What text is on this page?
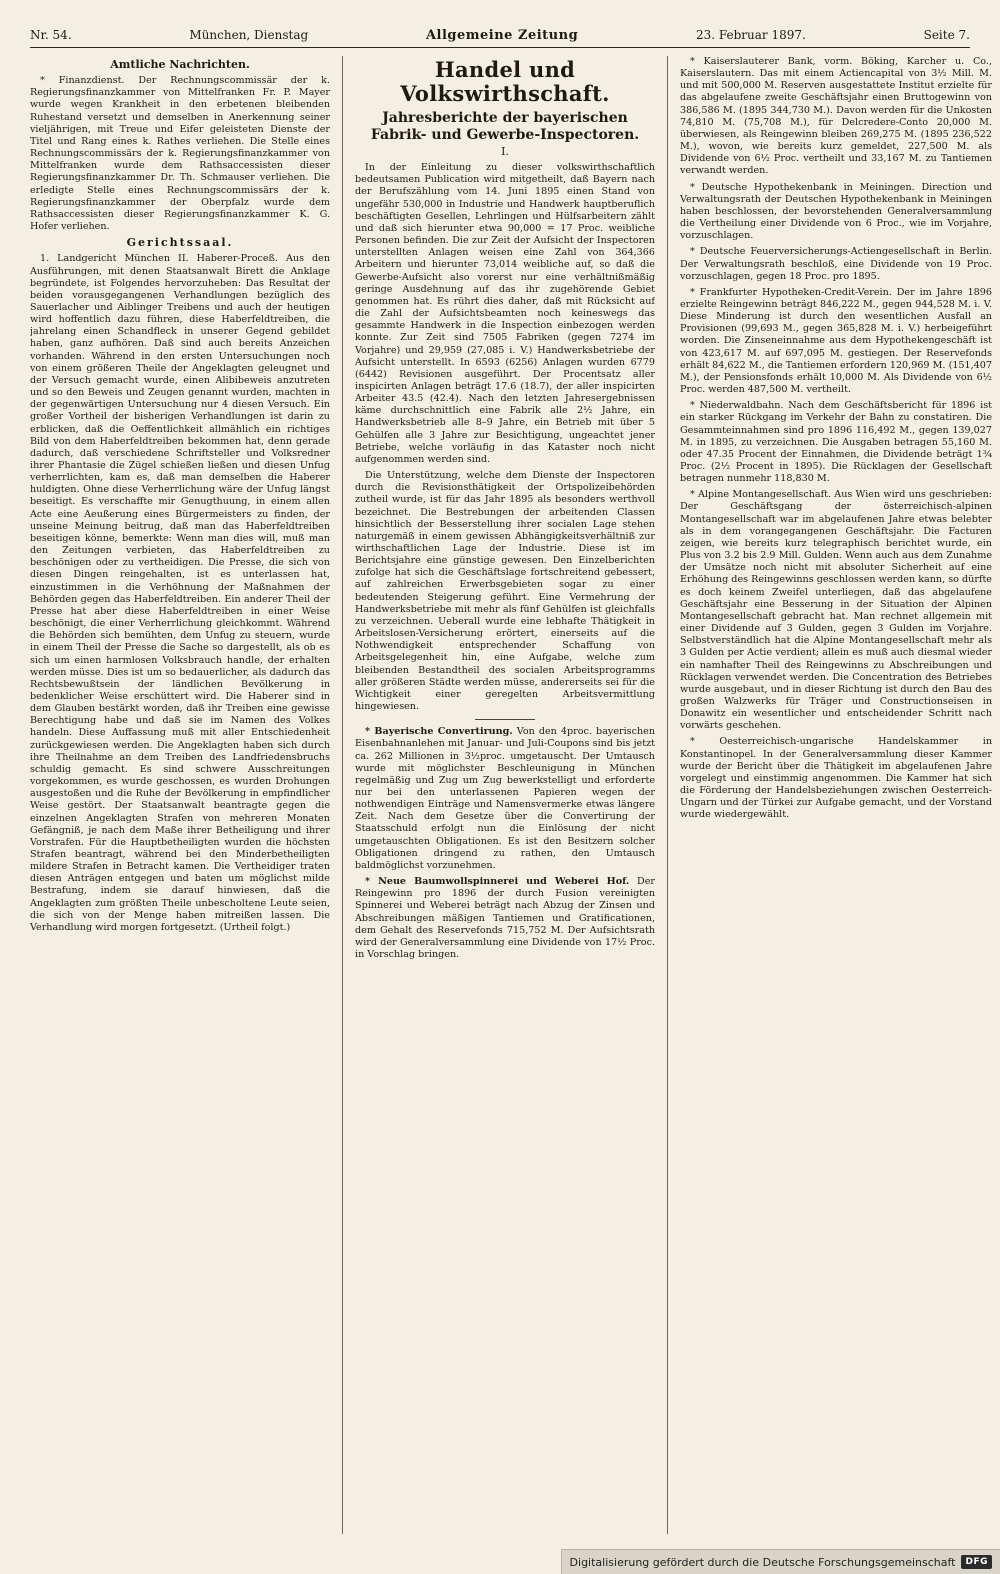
Nr. 54.	München, Dienstag	Allgemeine Zeitung	23. Februar 1897.	Seite 7.
Amtliche Nachrichten.

* Finanzdienst. Der Rechnungscommissär der k. Regierungsfinanzkammer von Mittelfranken Fr. P. Mayer wurde wegen Krankheit in den erbetenen bleibenden Ruhestand versetzt und demselben in Anerkennung seiner vieljährigen, mit Treue und Eifer geleisteten Dienste der Titel und Rang eines k. Rathes verliehen. Die Stelle eines Rechnungscommissärs der k. Regierungsfinanzkammer von Mittelfranken wurde dem Rathsaccessisten dieser Regierungsfinanzkammer Dr. Th. Schmauser verliehen. Die erledigte Stelle eines Rechnungscommissärs der k. Regierungsfinanzkammer der Oberpfalz wurde dem Rathsaccessisten dieser Regierungsfinanzkammer K. G. Hofer verliehen.

Gerichtssaal.

1. Landgericht München II. Haberer-Proceß. Aus den Ausführungen, mit denen Staatsanwalt Birett die Anklage begründete, ist Folgendes hervorzuheben: Das Resultat der beiden vorausgegangenen Verhandlungen bezüglich des Sauerlacher und Aiblinger Treibens und auch der heutigen wird hoffentlich dazu führen, diese Haberfeldtreiben, die jahrelang einen Schandfleck in unserer Gegend gebildet haben, ganz aufhören. Daß sind auch bereits Anzeichen vorhanden. Während in den ersten Untersuchungen noch von einem größeren Theile der Angeklagten geleugnet und der Versuch gemacht wurde, einen Alibibeweis anzutreten und so den Beweis und Zeugen genannt wurden, machten in der gegenwärtigen Untersuchung nur 4 diesen Versuch. Ein großer Vortheil der bisherigen Verhandlungen ist darin zu erblicken, daß die Oeffentlichkeit allmählich ein richtiges Bild von dem Haberfeldtreiben bekommen hat, denn gerade dadurch, daß verschiedene Schriftsteller und Volksredner ihrer Phantasie die Zügel schießen ließen und diesen Unfug verherrlichten, kam es, daß man demselben die Haberer huldigten. Ohne diese Verherrlichung wäre der Unfug längst beseitigt. Es verschaffte mir Genugthuung, in einem allen Acte eine Aeußerung eines Bürgermeisters zu finden, der unseine Meinung beitrug, daß man das Haberfeldtreiben beseitigen könne, bemerkte: Wenn man dies will, muß man den Zeitungen verbieten, das Haberfeldtreiben zu beschönigen oder zu vertheidigen. Die Presse, die sich von diesen Dingen reingehalten, ist es unterlassen hat, einzustimmen in die Verhöhnung der Maßnahmen der Behörden gegen das Haberfeldtreiben. Ein anderer Theil der Presse hat aber diese Haberfeldtreiben in einer Weise beschönigt, die einer Verherrlichung gleichkommt. Während die Behörden sich bemühten, dem Unfug zu steuern, wurde in einem Theil der Presse die Sache so dargestellt, als ob es sich um einen harmlosen Volksbrauch handle, der erhalten werden müsse. Dies ist um so bedauerlicher, als dadurch das Rechtsbewußtsein der ländlichen Bevölkerung in bedenklicher Weise erschüttert wird. Die Haberer sind in dem Glauben bestärkt worden, daß ihr Treiben eine gewisse Berechtigung habe und daß sie im Namen des Volkes handeln. Diese Auffassung muß mit aller Entschiedenheit zurückgewiesen werden. Die Angeklagten haben sich durch ihre Theilnahme an dem Treiben des Landfriedensbruchs schuldig gemacht. Es sind schwere Ausschreitungen vorgekommen, es wurde geschossen, es wurden Drohungen ausgestoßen und die Ruhe der Bevölkerung in empfindlicher Weise gestört. Der Staatsanwalt beantragte gegen die einzelnen Angeklagten Strafen von mehreren Monaten Gefängniß, je nach dem Maße ihrer Betheiligung und ihrer Vorstrafen. Für die Hauptbetheiligten wurden die höchsten Strafen beantragt, während bei den Minderbetheiligten mildere Strafen in Betracht kamen. Die Vertheidiger traten diesen Anträgen entgegen und baten um möglichst milde Bestrafung, indem sie darauf hinwiesen, daß die Angeklagten zum größten Theile unbescholtene Leute seien, die sich von der Menge haben mitreißen lassen. Die Verhandlung wird morgen fortgesetzt. (Urtheil folgt.)

Handel und Volkswirthschaft.
Jahresberichte der bayerischen Fabrik- und Gewerbe-Inspectoren.
I.

In der Einleitung zu dieser volkswirthschaftlich bedeutsamen Publication wird mitgetheilt, daß Bayern nach der Berufszählung vom 14. Juni 1895 einen Stand von ungefähr 530,000 in Industrie und Handwerk hauptberuflich beschäftigten Gesellen, Lehrlingen und Hülfsarbeitern zählt und daß sich hierunter etwa 90,000 = 17 Proc. weibliche Personen befinden. Die zur Zeit der Aufsicht der Inspectoren unterstellten Anlagen weisen eine Zahl von 364,366 Arbeitern und hierunter 73,014 weibliche auf, so daß die Gewerbe-Aufsicht also vorerst nur eine verhältnißmäßig geringe Ausdehnung auf das ihr zugehörende Gebiet genommen hat. Es rührt dies daher, daß mit Rücksicht auf die Zahl der Aufsichtsbeamten noch keineswegs das gesammte Handwerk in die Inspection einbezogen werden konnte. Zur Zeit sind 7505 Fabriken (gegen 7274 im Vorjahre) und 29,959 (27,085 i. V.) Handwerksbetriebe der Aufsicht unterstellt. In 6593 (6256) Anlagen wurden 6779 (6442) Revisionen ausgeführt. Der Procentsatz aller inspicirten Anlagen beträgt 17.6 (18.7), der aller inspicirten Arbeiter 43.5 (42.4). Nach den letzten Jahresergebnissen käme durchschnittlich eine Fabrik alle 2½ Jahre, ein Handwerksbetrieb alle 8–9 Jahre, ein Betrieb mit über 5 Gehülfen alle 3 Jahre zur Besichtigung, ungeachtet jener Betriebe, welche vorläufig in das Kataster noch nicht aufgenommen werden sind.

Die Unterstützung, welche dem Dienste der Inspectoren durch die Revisionsthätigkeit der Ortspolizeibehörden zutheil wurde, ist für das Jahr 1895 als besonders werthvoll bezeichnet. Die Bestrebungen der arbeitenden Classen hinsichtlich der Besserstellung ihrer socialen Lage stehen naturgemäß in einem gewissen Abhängigkeitsverhältniß zur wirthschaftlichen Lage der Industrie. Diese ist im Berichtsjahre eine günstige gewesen. Den Einzelberichten zufolge hat sich die Geschäftslage fortschreitend gebessert, auf zahlreichen Erwerbsgebieten sogar zu einer bedeutenden Steigerung geführt. Eine Vermehrung der Handwerksbetriebe mit mehr als fünf Gehülfen ist gleichfalls zu verzeichnen. Ueberall wurde eine lebhafte Thätigkeit in Arbeitslosen-Versicherung erörtert, einerseits auf die Nothwendigkeit entsprechender Schaffung von Arbeitsgelegenheit hin, eine Aufgabe, welche zum bleibenden Bestandtheil des socialen Arbeitsprogramms aller größeren Städte werden müsse, andererseits sei für die Wichtigkeit einer geregelten Arbeitsvermittlung hingewiesen.

* Bayerische Convertirung. Von den 4proc. bayerischen Eisenbahnanlehen mit Januar- und Juli-Coupons sind bis jetzt ca. 262 Millionen in 3½proc. umgetauscht. Der Umtausch wurde mit möglichster Beschleunigung in München regelmäßig und Zug um Zug bewerkstelligt und erforderte nur bei den unterlassenen Papieren wegen der nothwendigen Einträge und Namensvermerke etwas längere Zeit. Nach dem Gesetze über die Convertirung der Staatsschuld erfolgt nun die Einlösung der nicht umgetauschten Obligationen. Es ist den Besitzern solcher Obligationen dringend zu rathen, den Umtausch baldmöglichst vorzunehmen.

* Neue Baumwollspinnerei und Weberei Hof. Der Reingewinn pro 1896 der durch Fusion vereinigten Spinnerei und Weberei beträgt nach Abzug der Zinsen und Abschreibungen mäßigen Tantiemen und Gratificationen, dem Gehalt des Reservefonds 715,752 M. Der Aufsichtsrath wird der Generalversammlung eine Dividende von 17½ Proc. in Vorschlag bringen.

* Kaiserslauterer Bank, vorm. Böking, Karcher u. Co., Kaiserslautern. Das mit einem Actiencapital von 3½ Mill. M. und mit 500,000 M. Reserven ausgestattete Institut erzielte für das abgelaufene zweite Geschäftsjahr einen Bruttogewinn von 386,586 M. (1895 344,730 M.). Davon werden für die Unkosten 74,810 M. (75,708 M.), für Delcredere-Conto 20,000 M. überwiesen, als Reingewinn bleiben 269,275 M. (1895 236,522 M.), wovon, wie bereits kurz gemeldet, 227,500 M. als Dividende von 6½ Proc. vertheilt und 33,167 M. zu Tantiemen verwandt werden.

* Deutsche Hypothekenbank in Meiningen. Direction und Verwaltungsrath der Deutschen Hypothekenbank in Meiningen haben beschlossen, der bevorstehenden Generalversammlung die Vertheilung einer Dividende von 6 Proc., wie im Vorjahre, vorzuschlagen.

* Deutsche Feuerversicherungs-Actiengesellschaft in Berlin. Der Verwaltungsrath beschloß, eine Dividende von 19 Proc. vorzuschlagen, gegen 18 Proc. pro 1895.

* Frankfurter Hypotheken-Credit-Verein. Der im Jahre 1896 erzielte Reingewinn beträgt 846,222 M., gegen 944,528 M. i. V. Diese Minderung ist durch den wesentlichen Ausfall an Provisionen (99,693 M., gegen 365,828 M. i. V.) herbeigeführt worden. Die Zinseneinnahme aus dem Hypothekengeschäft ist von 423,617 M. auf 697,095 M. gestiegen. Der Reservefonds erhält 84,622 M., die Tantiemen erfordern 120,969 M. (151,407 M.), der Pensionsfonds erhält 10,000 M. Als Dividende von 6½ Proc. werden 487,500 M. vertheilt.

* Niederwaldbahn. Nach dem Geschäftsbericht für 1896 ist ein starker Rückgang im Verkehr der Bahn zu constatiren. Die Gesammteinnahmen sind pro 1896 116,492 M., gegen 139,027 M. in 1895, zu verzeichnen. Die Ausgaben betragen 55,160 M. oder 47.35 Procent der Einnahmen, die Dividende beträgt 1¾ Proc. (2½ Procent in 1895). Die Rücklagen der Gesellschaft betragen nunmehr 118,830 M.

* Alpine Montangesellschaft. Aus Wien wird uns geschrieben: Der Geschäftsgang der österreichisch-alpinen Montangesellschaft war im abgelaufenen Jahre etwas belebter als in dem vorangegangenen Geschäftsjahr. Die Facturen zeigen, wie bereits kurz telegraphisch berichtet wurde, ein Plus von 3.2 bis 2.9 Mill. Gulden. Wenn auch aus dem Zunahme der Umsätze noch nicht mit absoluter Sicherheit auf eine Erhöhung des Reingewinns geschlossen werden kann, so dürfte es doch keinem Zweifel unterliegen, daß das abgelaufene Geschäftsjahr eine Besserung in der Situation der Alpinen Montangesellschaft gebracht hat. Man rechnet allgemein mit einer Dividende auf 3 Gulden, gegen 3 Gulden im Vorjahre. Selbstverständlich hat die Alpine Montangesellschaft mehr als 3 Gulden per Actie verdient; allein es muß auch diesmal wieder ein namhafter Theil des Reingewinns zu Abschreibungen und Rücklagen verwendet werden. Die Concentration des Betriebes wurde ausgebaut, und in dieser Richtung ist durch den Bau des großen Walzwerks für Träger und Constructionseisen in Donawitz ein wesentlicher und entscheidender Schritt nach vorwärts geschehen.

* Oesterreichisch-ungarische Handelskammer in Konstantinopel. In der Generalversammlung dieser Kammer wurde der Bericht über die Thätigkeit im abgelaufenen Jahre vorgelegt und einstimmig angenommen. Die Kammer hat sich die Förderung der Handelsbeziehungen zwischen Oesterreich-Ungarn und der Türkei zur Aufgabe gemacht, und der Vorstand wurde wiedergewählt.

Digitalisierung gefördert durch die Deutsche Forschungsgemeinschaft	DFG
